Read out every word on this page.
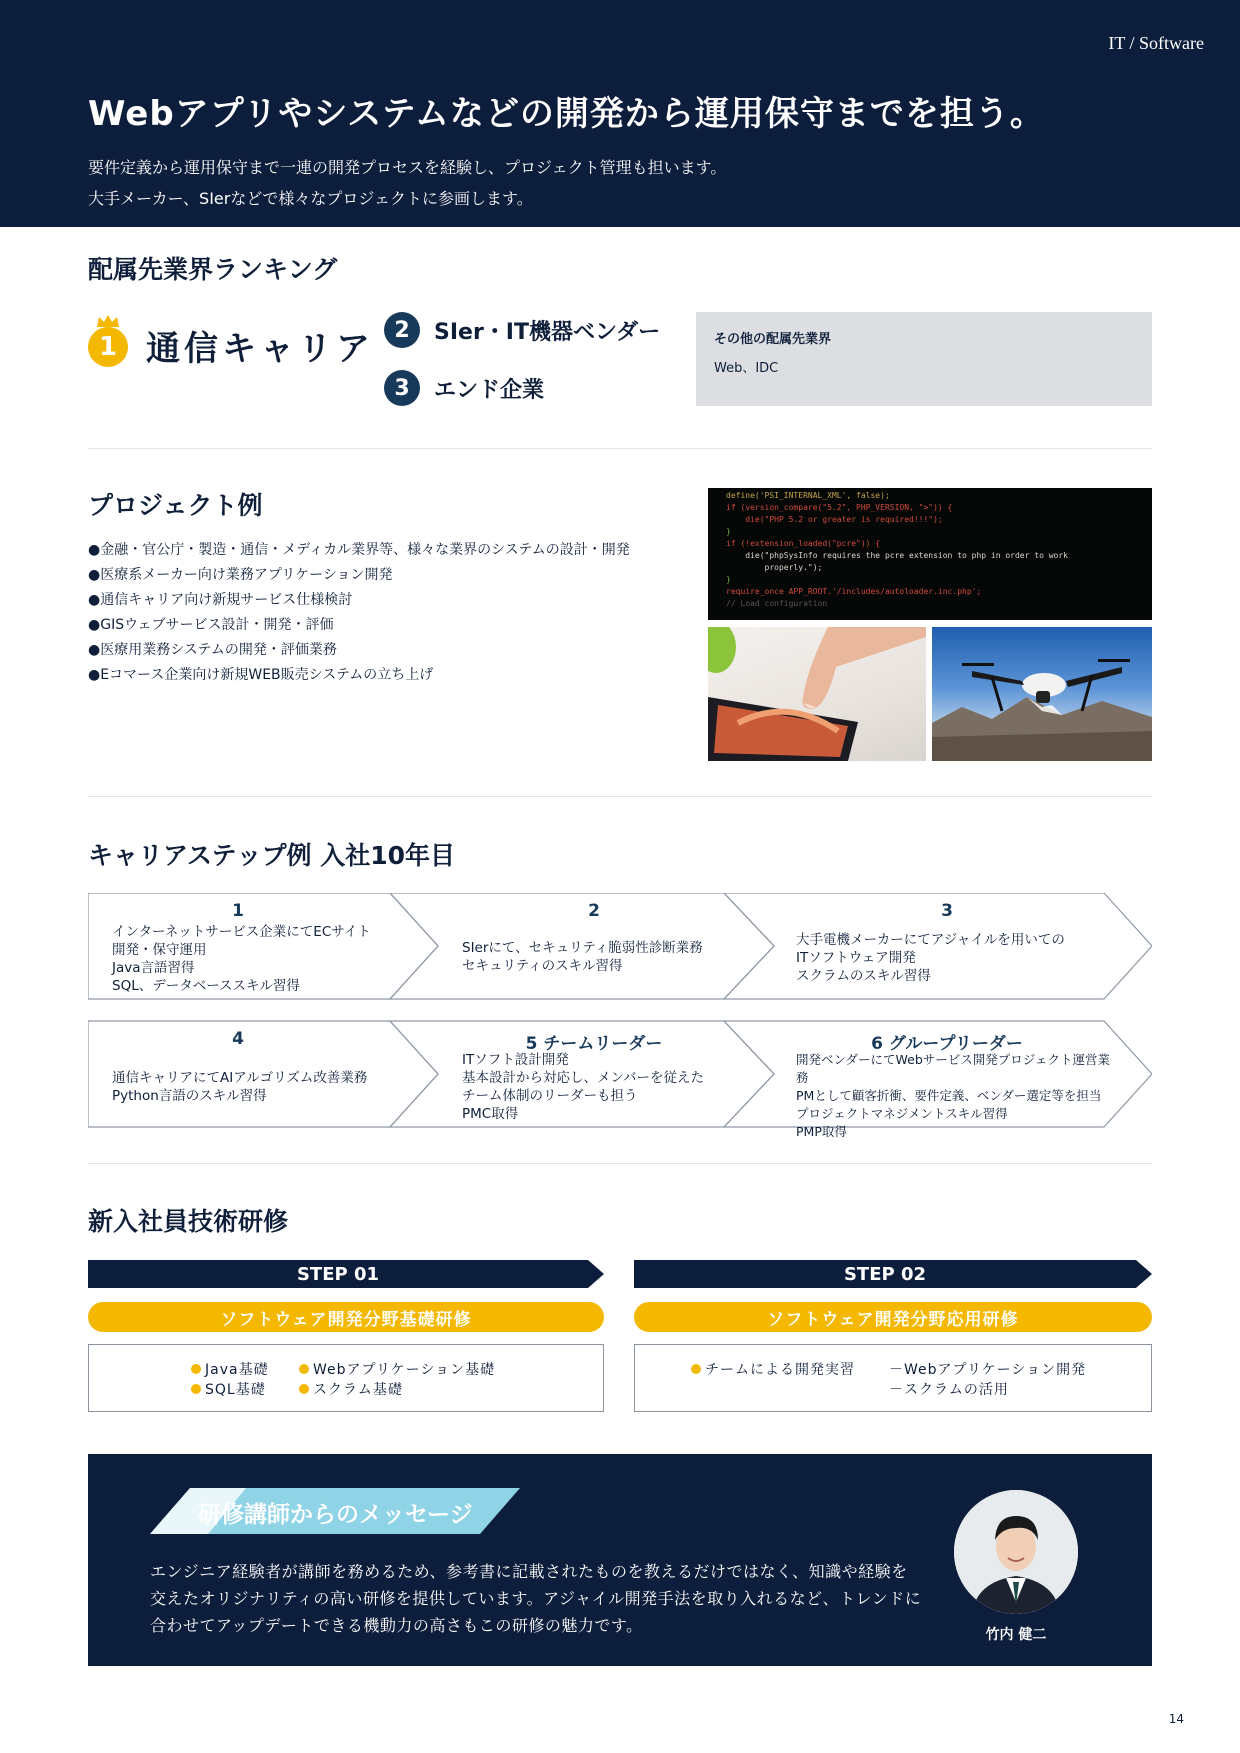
IT / Software
Webアプリやシステムなどの開発から運用保守までを担う。
要件定義から運用保守まで一連の開発プロセスを経験し、プロジェクト管理も担います。
大手メーカー、SIerなどで様々なプロジェクトに参画します。
配属先業界ランキング
1 通信キャリア 2	SIer・IT機器ベンダー
3	エンド企業
その他の配属先業界
Web、IDC
プロジェクト例
●金融・官公庁・製造・通信・メディカル業界等、様々な業界のシステムの設計・開発
●医療系メーカー向け業務アプリケーション開発
●通信キャリア向け新規サービス仕様検討
●GISウェブサービス設計・開発・評価
●医療用業務システムの開発・評価業務
●Eコマース企業向け新規WEB販売システムの立ち上げ
define('PSI_INTERNAL_XML', false);
if (version_compare("5.2", PHP_VERSION, ">")) {
die("PHP 5.2 or greater is required!!!");
}
if (!extension_loaded("pcre")) {
die("phpSysInfo requires the pcre extension to php in order to work
properly.");
}
require_once APP_ROOT.'/includes/autoloader.inc.php';
// Load configuration
キャリアステップ例 入社10年目
1
インターネットサービス企業にてECサイト
開発・保守運用
Java言語習得
SQL、データベーススキル習得
2
SIerにて、セキュリティ脆弱性診断業務
セキュリティのスキル習得
3
大手電機メーカーにてアジャイルを用いての
ITソフトウェア開発
スクラムのスキル習得
4
通信キャリアにてAIアルゴリズム改善業務
Python言語のスキル習得
5 チームリーダー
ITソフト設計開発
基本設計から対応し、メンバーを従えた
チーム体制のリーダーも担う
PMC取得
6 グループリーダー
開発ベンダーにてWebサービス開発プロジェクト運営業務
PMとして顧客折衝、要件定義、ベンダー選定等を担当
プロジェクトマネジメントスキル習得
PMP取得
新入社員技術研修
STEP 01	STEP 02
ソフトウェア開発分野基礎研修	ソフトウェア開発分野応用研修
Java基礎
SQL基礎
Webアプリケーション基礎
スクラム基礎
チームによる開発実習 －Webアプリケーション開発
－スクラムの活用
研修講師からのメッセージ
エンジニア経験者が講師を務めるため、参考書に記載されたものを教えるだけではなく、知識や経験を
交えたオリジナリティの高い研修を提供しています。アジャイル開発手法を取り入れるなど、トレンドに
合わせてアップデートできる機動力の高さもこの研修の魅力です。	竹内 健二
14
